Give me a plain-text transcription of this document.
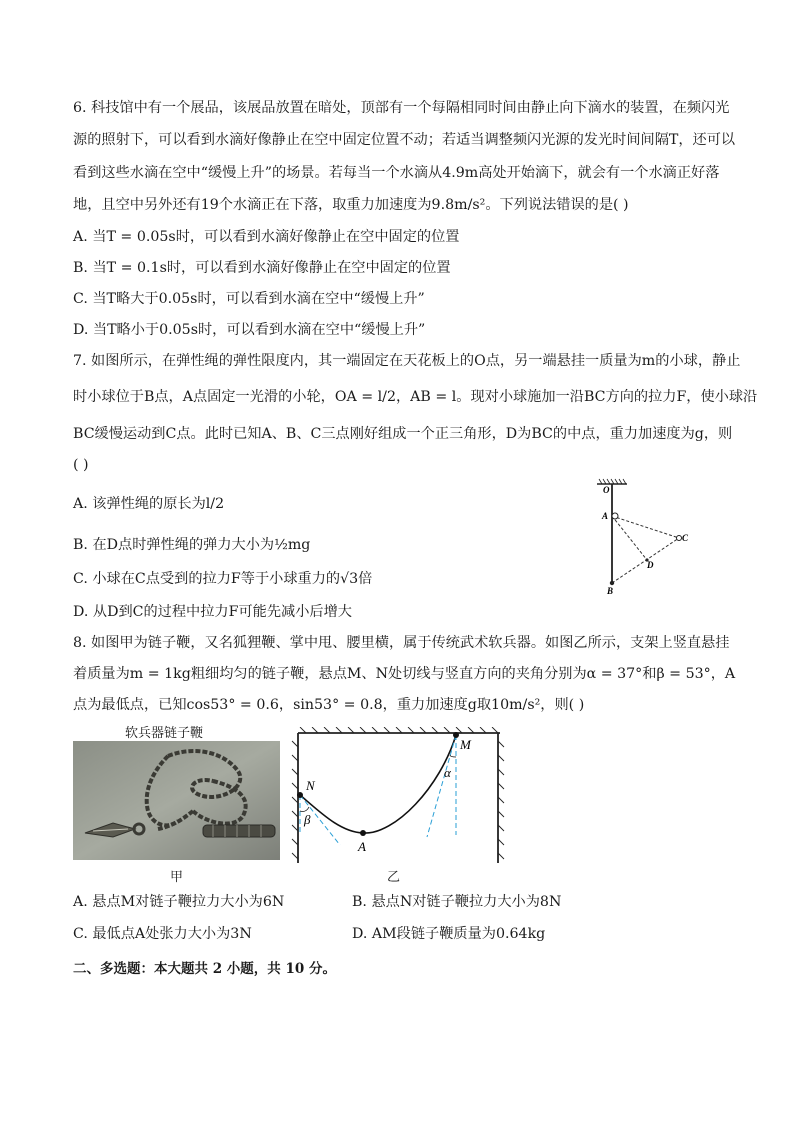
6. 科技馆中有一个展品，该展品放置在暗处，顶部有一个每隔相同时间由静止向下滴水的装置，在频闪光
源的照射下，可以看到水滴好像静止在空中固定位置不动；若适当调整频闪光源的发光时间间隔T，还可以
看到这些水滴在空中“缓慢上升”的场景。若每当一个水滴从4.9m高处开始滴下，就会有一个水滴正好落
地，且空中另外还有19个水滴正在下落，取重力加速度为9.8m/s²。下列说法错误的是( )
A. 当T = 0.05s时，可以看到水滴好像静止在空中固定的位置
B. 当T = 0.1s时，可以看到水滴好像静止在空中固定的位置
C. 当T略大于0.05s时，可以看到水滴在空中“缓慢上升”
D. 当T略小于0.05s时，可以看到水滴在空中“缓慢上升”
7. 如图所示，在弹性绳的弹性限度内，其一端固定在天花板上的O点，另一端悬挂一质量为m的小球，静止
时小球位于B点，A点固定一光滑的小轮，OA = l/2，AB = l。现对小球施加一沿BC方向的拉力F，使小球沿
BC缓慢运动到C点。此时已知A、B、C三点刚好组成一个正三角形，D为BC的中点，重力加速度为g，则
( )
A. 该弹性绳的原长为l/2
B. 在D点时弹性绳的弹力大小为½mg
C. 小球在C点受到的拉力F等于小球重力的√3倍
D. 从D到C的过程中拉力F可能先减小后增大
O
A
C
D
B
8. 如图甲为链子鞭，又名狐狸鞭、掌中甩、腰里横，属于传统武术软兵器。如图乙所示，支架上竖直悬挂
着质量为m = 1kg粗细均匀的链子鞭，悬点M、N处切线与竖直方向的夹角分别为α = 37°和β = 53°，A
点为最低点，已知cos53° = 0.6，sin53° = 0.8，重力加速度g取10m/s²，则( )
软兵器链子鞭
甲
N
M
A
β
α
乙
A. 悬点M对链子鞭拉力大小为6N	B. 悬点N对链子鞭拉力大小为8N
C. 最低点A处张力大小为3N	D. AM段链子鞭质量为0.64kg
二、多选题：本大题共 2 小题，共 10 分。
